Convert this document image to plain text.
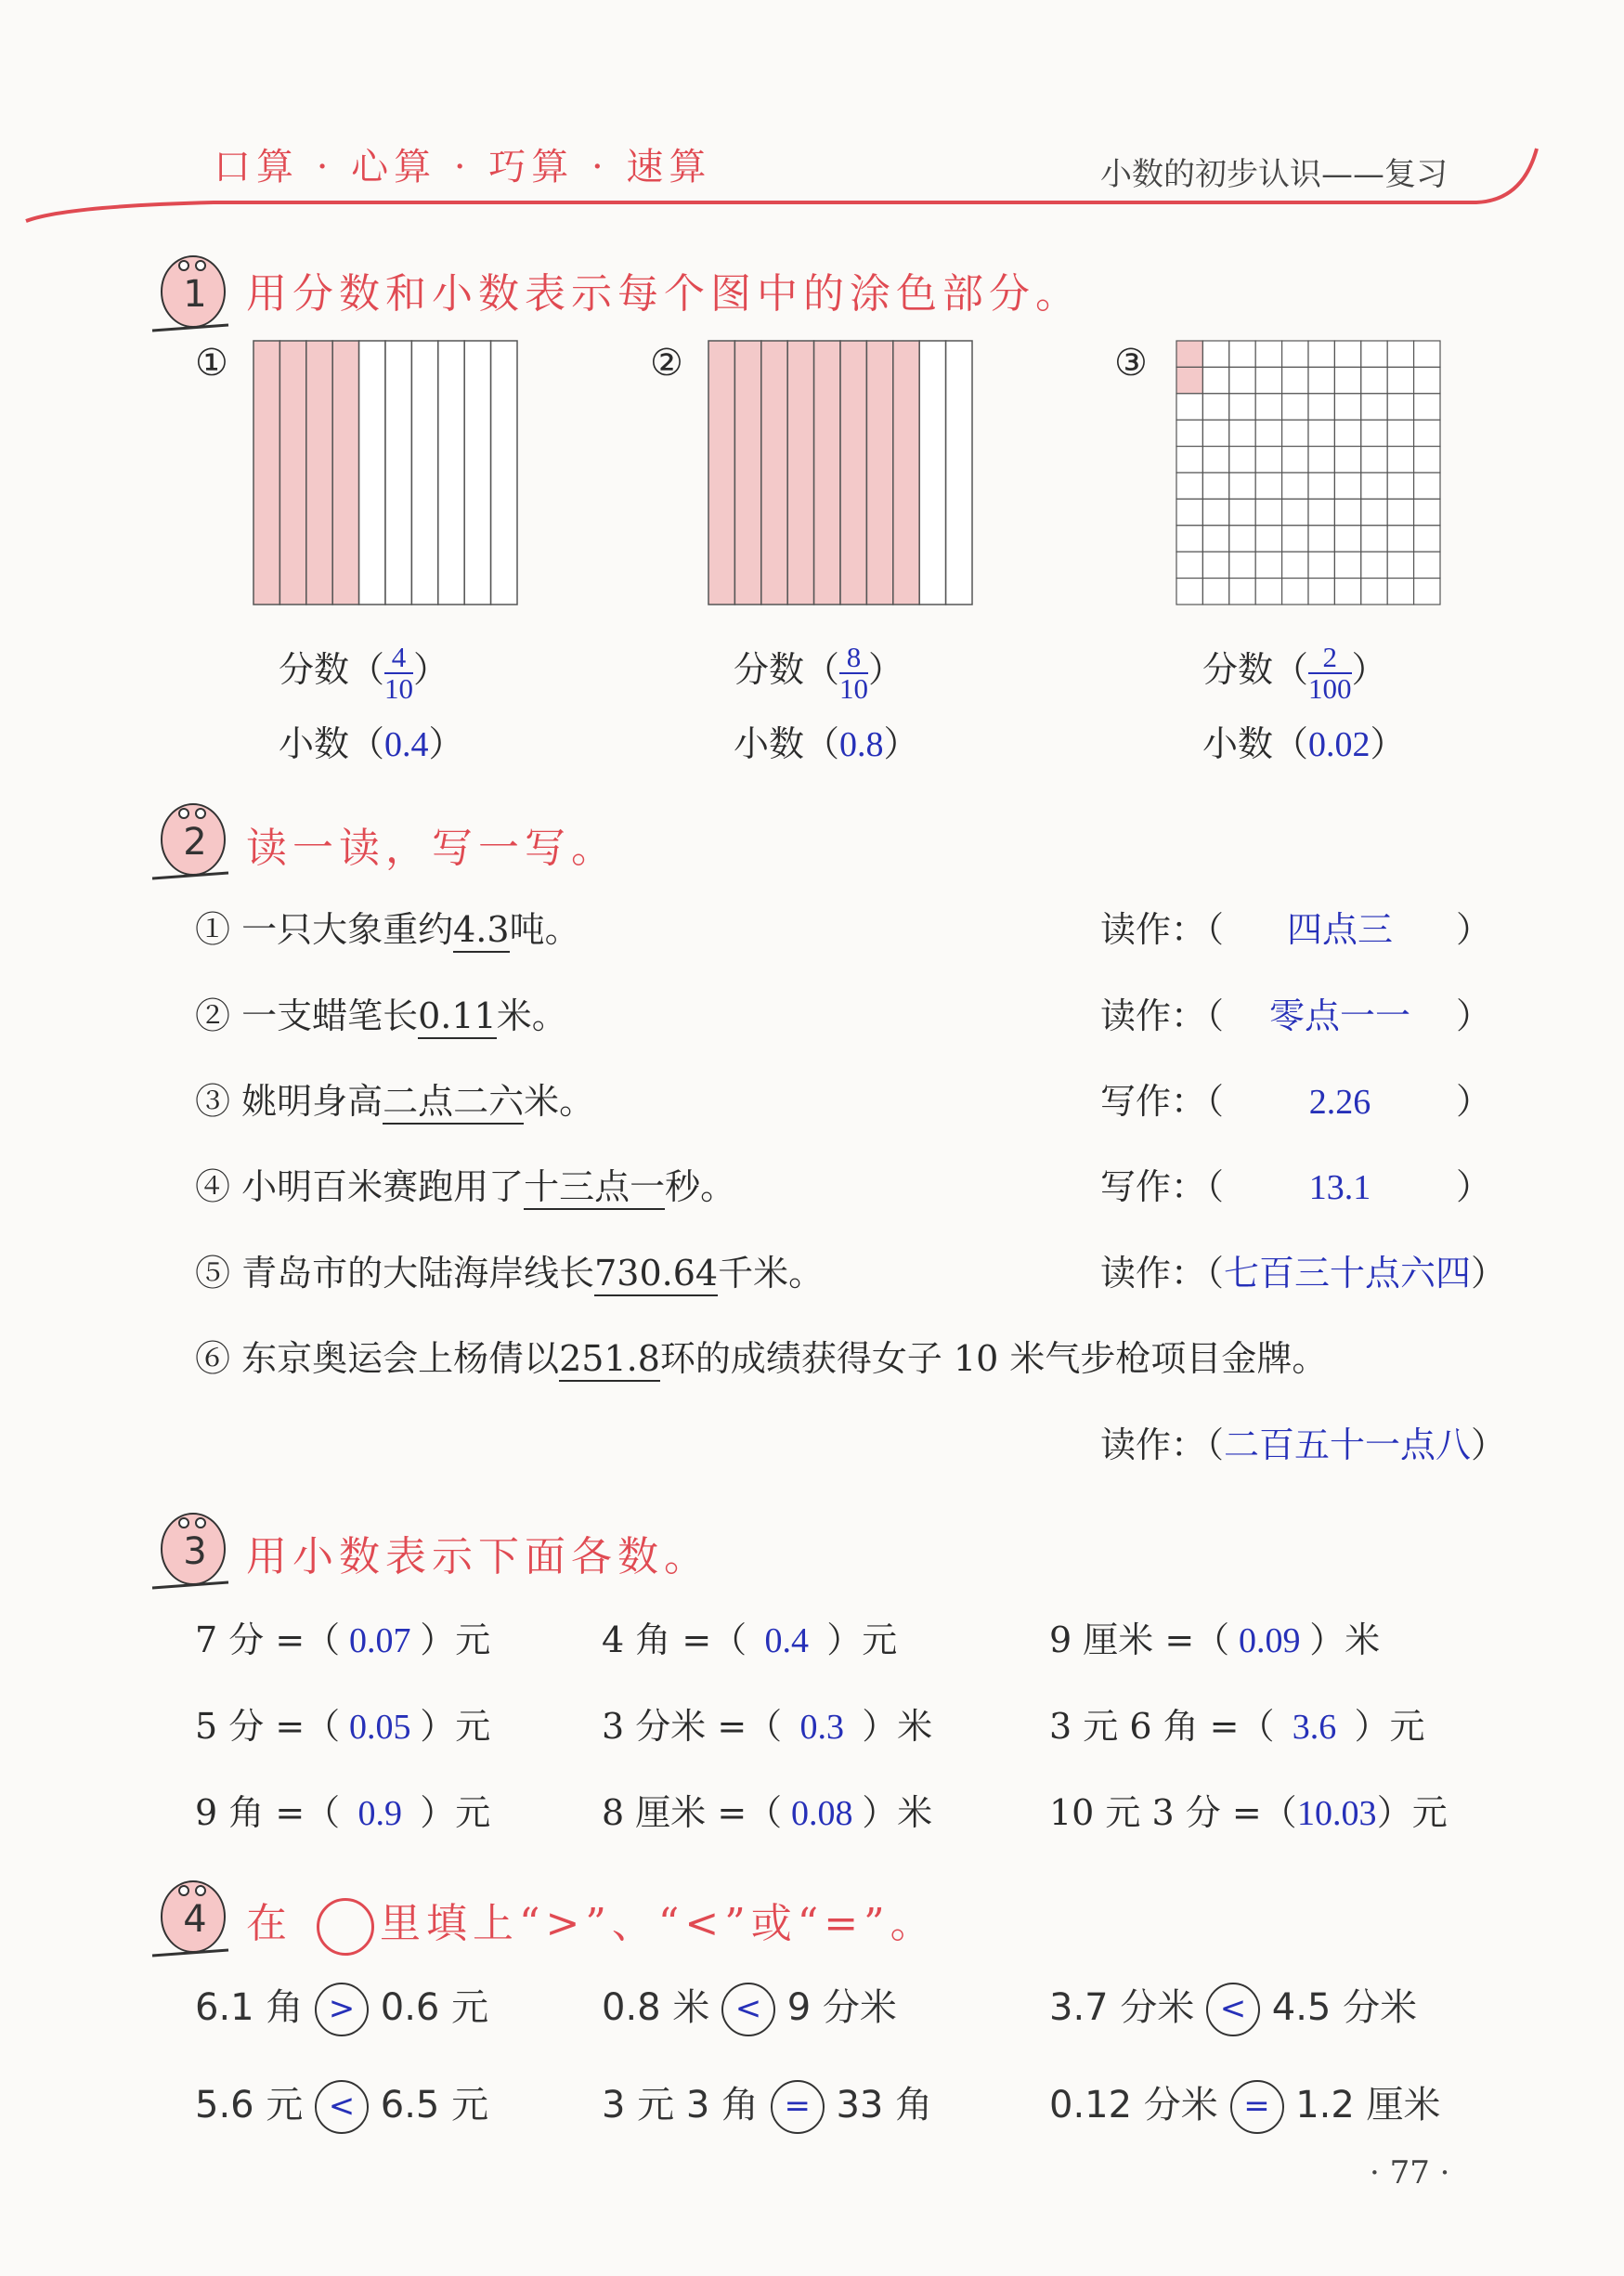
口算 · 心算 · 巧算 · 速算	小数的初步认识——复习
1 用分数和小数表示每个图中的涂色部分。
①	②	③
分数（ $\frac{4}{10}$ ）
小数（0.4）
分数（ $\frac{8}{10}$ ）
小数（0.8）
分数（ $\frac{2}{100}$ ）
小数（0.02）
2 读一读，写一写。
① 一只大象重约4.3吨。	读作：（ 四点三 ）
② 一支蜡笔长0.11米。	读作：（ 零点一一 ）
③ 姚明身高二点二六米。	写作：（ 2.26 ）
④ 小明百米赛跑用了十三点一秒。	写作：（ 13.1 ）
⑤ 青岛市的大陆海岸线长730.64千米。	读作：（七百三十点六四）
⑥ 东京奥运会上杨倩以251.8环的成绩获得女子 10 米气步枪项目金牌。
读作：（二百五十一点八）
3 用小数表示下面各数。
7 分 =（ 0.07 ）元	4 角 =（ 0.4 ）元	9 厘米 =（ 0.09 ）米
5 分 =（ 0.05 ）元	3 分米 =（ 0.3 ）米	3 元 6 角 =（ 3.6 ）元
9 角 =（ 0.9 ）元	8 厘米 =（ 0.08 ）米	10 元 3 分 =（10.03）元
4 在 里填上“>”、“<”或“=”。
6.1 角 > 0.6 元	0.8 米 < 9 分米	3.7 分米 < 4.5 分米
5.6 元 < 6.5 元	3 元 3 角 = 33 角	0.12 分米 = 1.2 厘米
· 77 ·
